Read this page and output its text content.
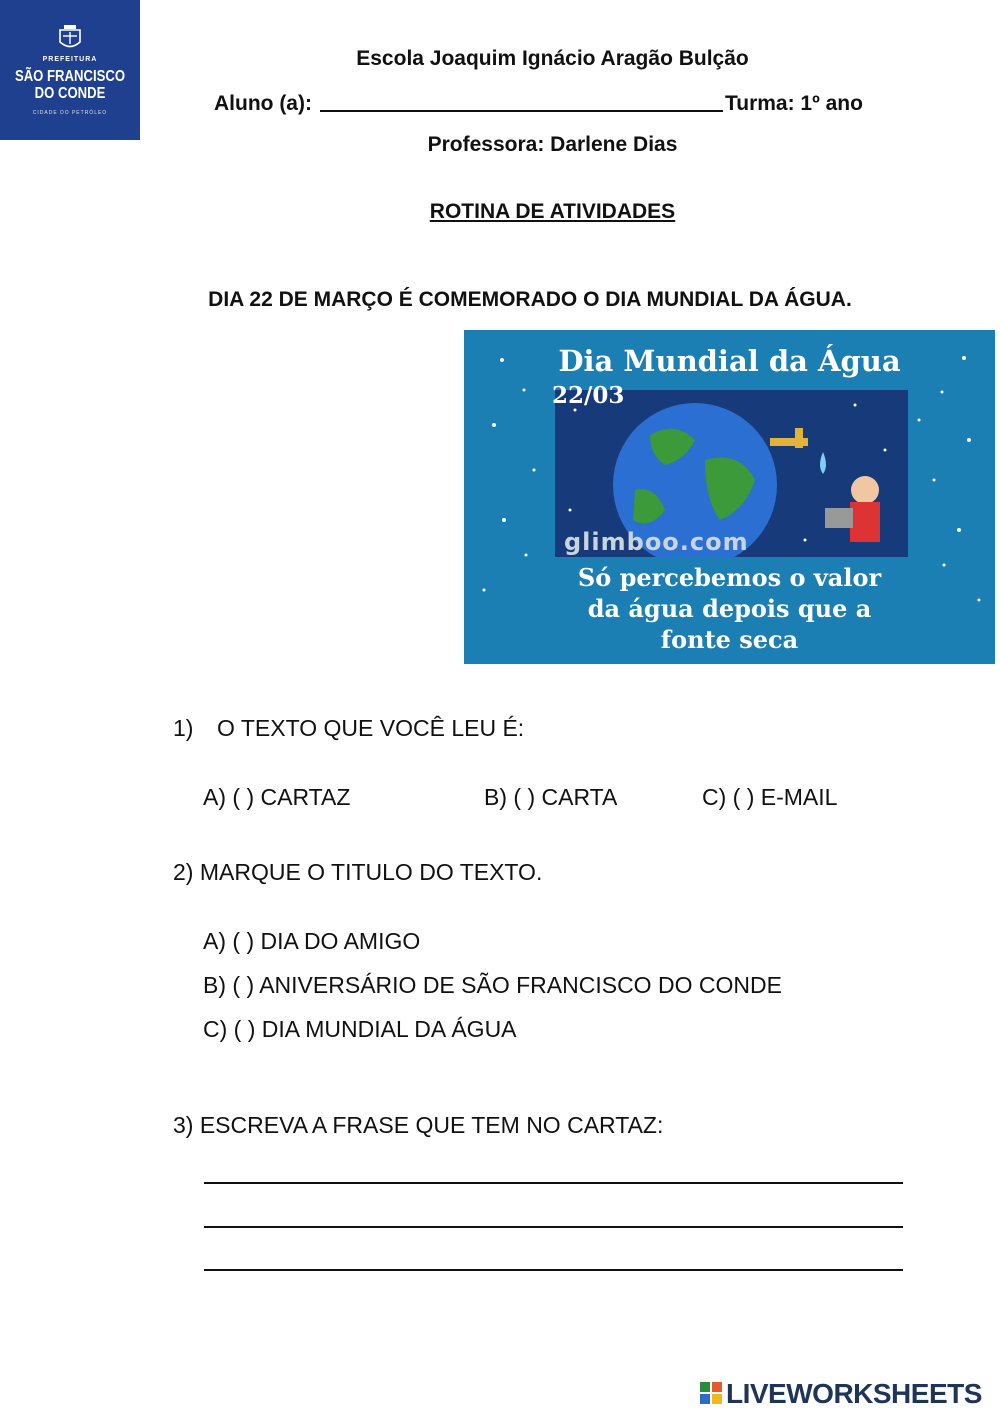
PREFEITURA
SÃO FRANCISCO
DO CONDE
CIDADE DO PETRÓLEO
Escola Joaquim Ignácio Aragão Bulção
Aluno (a):	Turma: 1º ano
Professora: Darlene Dias
ROTINA DE ATIVIDADES
DIA 22 DE MARÇO É COMEMORADO O DIA MUNDIAL DA ÁGUA.
Dia Mundial da Água
22/03
glimboo.com
Só percebemos o valor
da água depois que a
fonte seca
1) O TEXTO QUE VOCÊ LEU É:
A) ( ) CARTAZ	B) ( ) CARTA	C) ( ) E-MAIL
2) MARQUE O TITULO DO TEXTO.
A) ( ) DIA DO AMIGO
B) ( ) ANIVERSÁRIO DE SÃO FRANCISCO DO CONDE
C) ( ) DIA MUNDIAL DA ÁGUA
3) ESCREVA A FRASE QUE TEM NO CARTAZ:
LIVEWORKSHEETS
